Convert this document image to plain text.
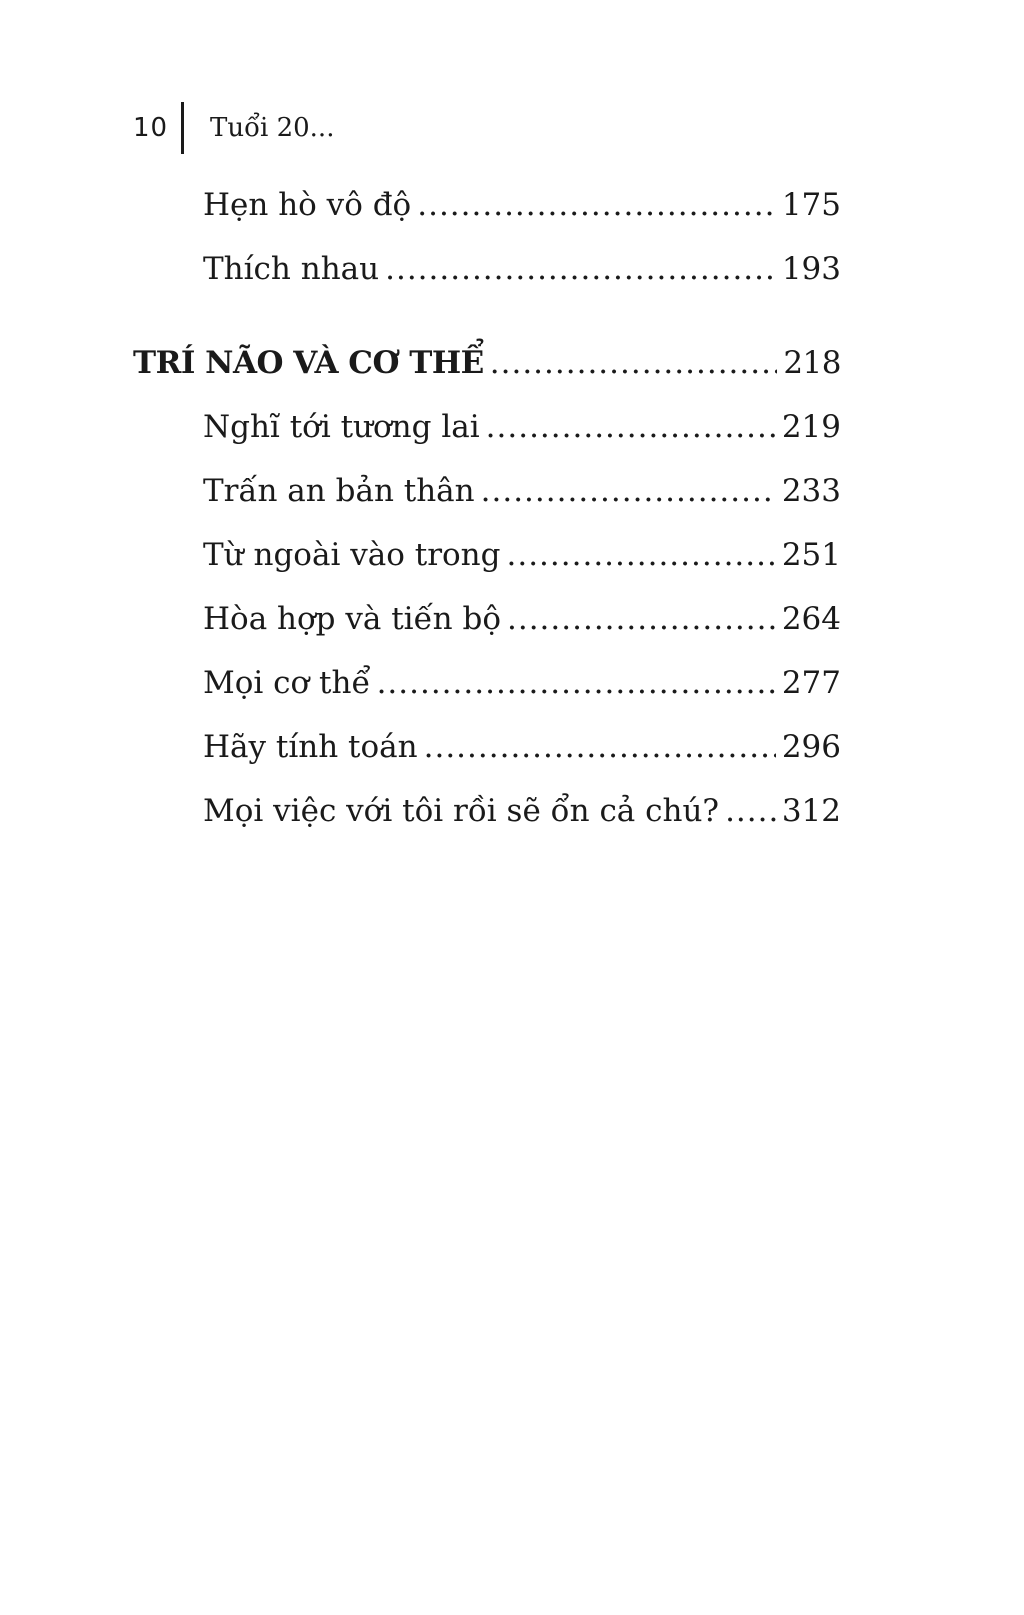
10	Tuổi 20...
Hẹn hò vô độ .....	175
Thích nhau .....	193
TRÍ NÃO VÀ CƠ THỂ .....	218
Nghĩ tới tương lai .....	219
Trấn an bản thân .....	233
Từ ngoài vào trong .....	251
Hòa hợp và tiến bộ .....	264
Mọi cơ thể .....	277
Hãy tính toán .....	296
Mọi việc với tôi rồi sẽ ổn cả chú? ..... 312
